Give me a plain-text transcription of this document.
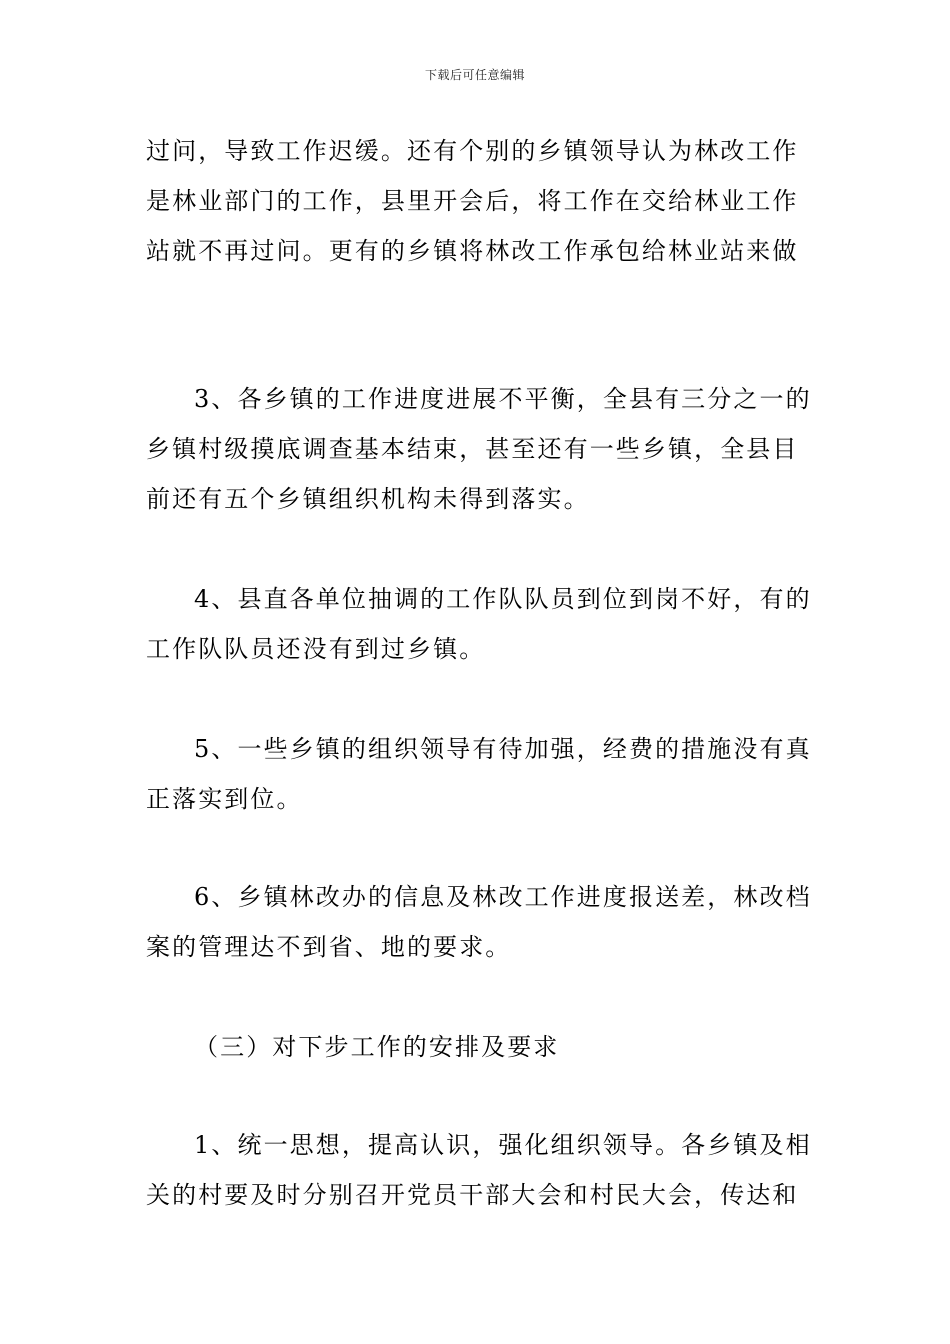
下载后可任意编辑
过问，导致工作迟缓。还有个别的乡镇领导认为林改工作
是林业部门的工作，县里开会后，将工作在交给林业工作
站就不再过问。更有的乡镇将林改工作承包给林业站来做
3、各乡镇的工作进度进展不平衡，全县有三分之一的
乡镇村级摸底调查基本结束，甚至还有一些乡镇，全县目
前还有五个乡镇组织机构未得到落实。
4、县直各单位抽调的工作队队员到位到岗不好，有的
工作队队员还没有到过乡镇。
5、一些乡镇的组织领导有待加强，经费的措施没有真
正落实到位。
6、乡镇林改办的信息及林改工作进度报送差，林改档
案的管理达不到省、地的要求。
（三）对下步工作的安排及要求
1、统一思想，提高认识，强化组织领导。各乡镇及相
关的村要及时分别召开党员干部大会和村民大会，传达和
